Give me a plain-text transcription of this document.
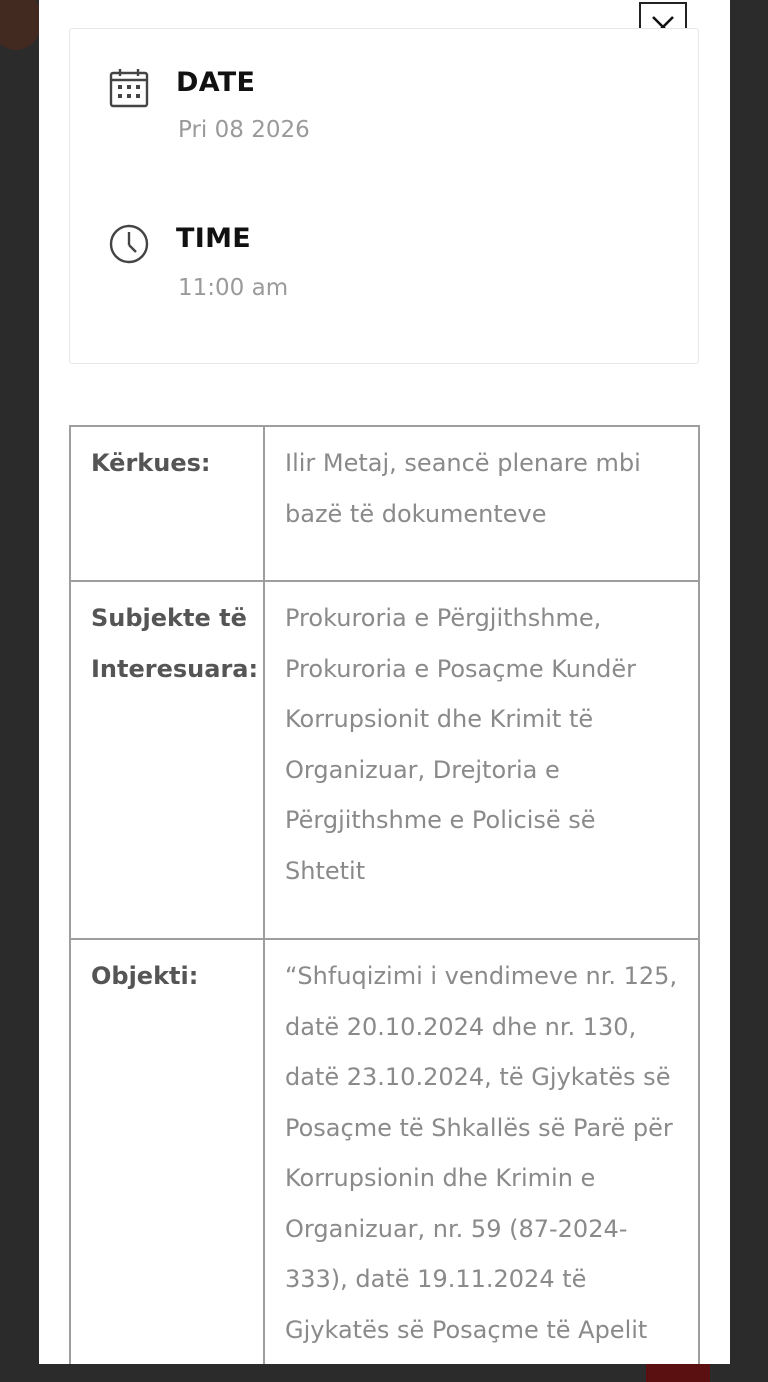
DATE
Pri 08 2026
TIME
11:00 am
Kërkues:	Ilir Metaj, seancë plenare mbi bazë të dokumenteve
Subjekte të Interesuara:	Prokuroria e Përgjithshme, Prokuroria e Posaçme Kundër Korrupsionit dhe Krimit të Organizuar, Drejtoria e Përgjithshme e Policisë së Shtetit
Objekti:	“Shfuqizimi i vendimeve nr. 125, datë 20.10.2024 dhe nr. 130, datë 23.10.2024, të Gjykatës së Posaçme të Shkallës së Parë për Korrupsionin dhe Krimin e Organizuar, nr. 59 (87-2024-333), datë 19.11.2024 të Gjykatës së Posaçme të Apelit
